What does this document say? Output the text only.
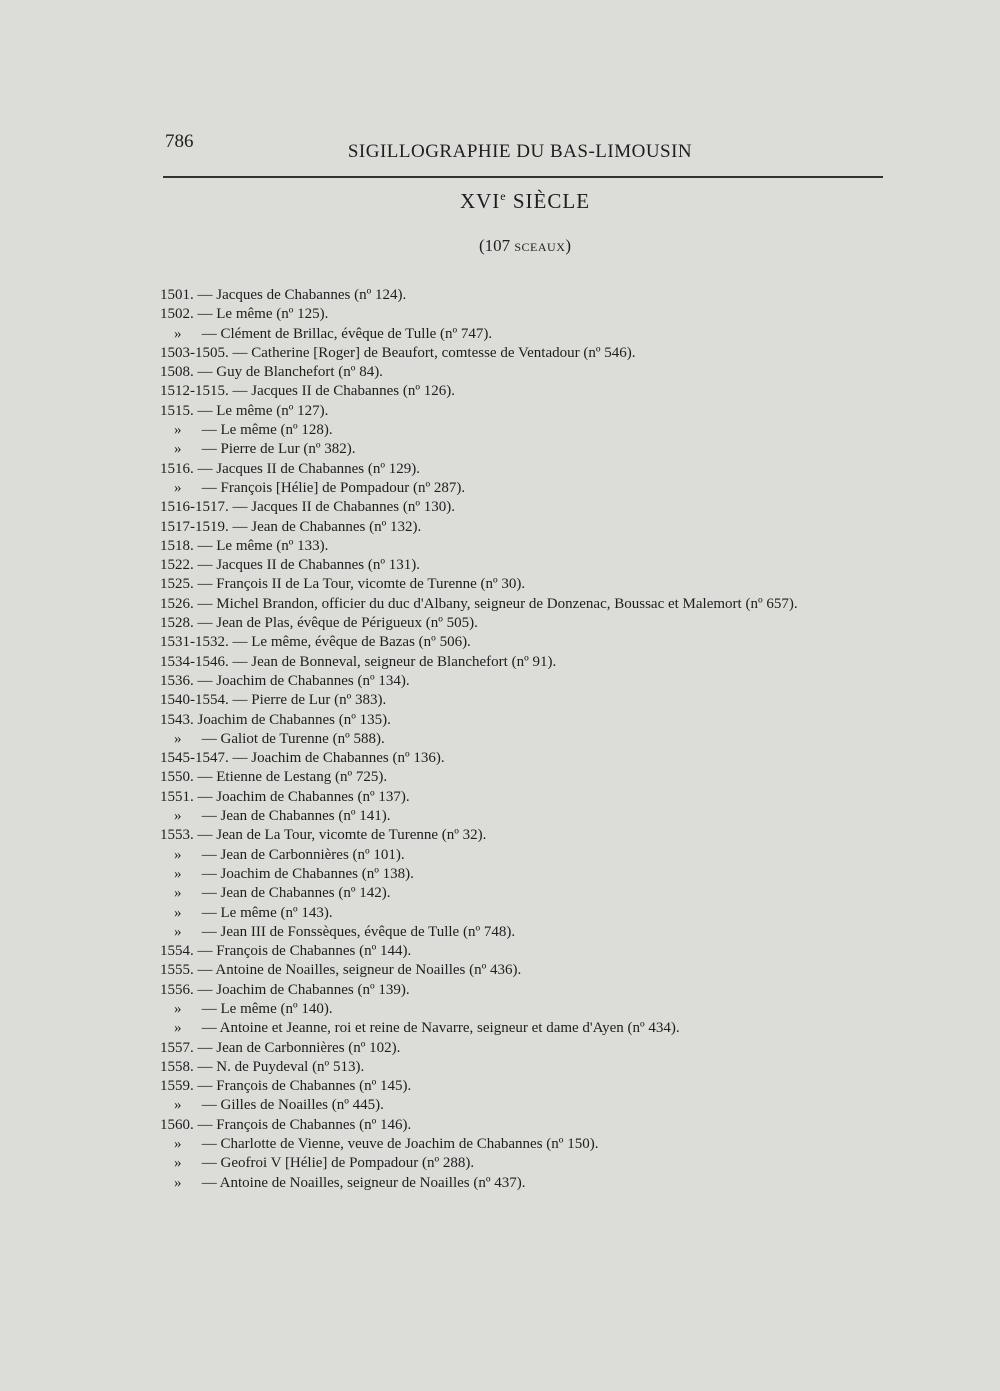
786	SIGILLOGRAPHIE DU BAS-LIMOUSIN
XVIe SIÈCLE
(107 sceaux)
1501. — Jacques de Chabannes (nº 124).
1502. — Le même (nº 125).
» — Clément de Brillac, évêque de Tulle (nº 747).
1503-1505. — Catherine [Roger] de Beaufort, comtesse de Ventadour (nº 546).
1508. — Guy de Blanchefort (nº 84).
1512-1515. — Jacques II de Chabannes (nº 126).
1515. — Le même (nº 127).
» — Le même (nº 128).
» — Pierre de Lur (nº 382).
1516. — Jacques II de Chabannes (nº 129).
» — François [Hélie] de Pompadour (nº 287).
1516-1517. — Jacques II de Chabannes (nº 130).
1517-1519. — Jean de Chabannes (nº 132).
1518. — Le même (nº 133).
1522. — Jacques II de Chabannes (nº 131).
1525. — François II de La Tour, vicomte de Turenne (nº 30).
1526. — Michel Brandon, officier du duc d'Albany, seigneur de Donzenac, Boussac et Malemort (nº 657).
1528. — Jean de Plas, évêque de Périgueux (nº 505).
1531-1532. — Le même, évêque de Bazas (nº 506).
1534-1546. — Jean de Bonneval, seigneur de Blanchefort (nº 91).
1536. — Joachim de Chabannes (nº 134).
1540-1554. — Pierre de Lur (nº 383).
1543. Joachim de Chabannes (nº 135).
» — Galiot de Turenne (nº 588).
1545-1547. — Joachim de Chabannes (nº 136).
1550. — Etienne de Lestang (nº 725).
1551. — Joachim de Chabannes (nº 137).
» — Jean de Chabannes (nº 141).
1553. — Jean de La Tour, vicomte de Turenne (nº 32).
» — Jean de Carbonnières (nº 101).
» — Joachim de Chabannes (nº 138).
» — Jean de Chabannes (nº 142).
» — Le même (nº 143).
» — Jean III de Fonssèques, évêque de Tulle (nº 748).
1554. — François de Chabannes (nº 144).
1555. — Antoine de Noailles, seigneur de Noailles (nº 436).
1556. — Joachim de Chabannes (nº 139).
» — Le même (nº 140).
» — Antoine et Jeanne, roi et reine de Navarre, seigneur et dame d'Ayen (nº 434).
1557. — Jean de Carbonnières (nº 102).
1558. — N. de Puydeval (nº 513).
1559. — François de Chabannes (nº 145).
» — Gilles de Noailles (nº 445).
1560. — François de Chabannes (nº 146).
» — Charlotte de Vienne, veuve de Joachim de Chabannes (nº 150).
» — Geofroi V [Hélie] de Pompadour (nº 288).
» — Antoine de Noailles, seigneur de Noailles (nº 437).
